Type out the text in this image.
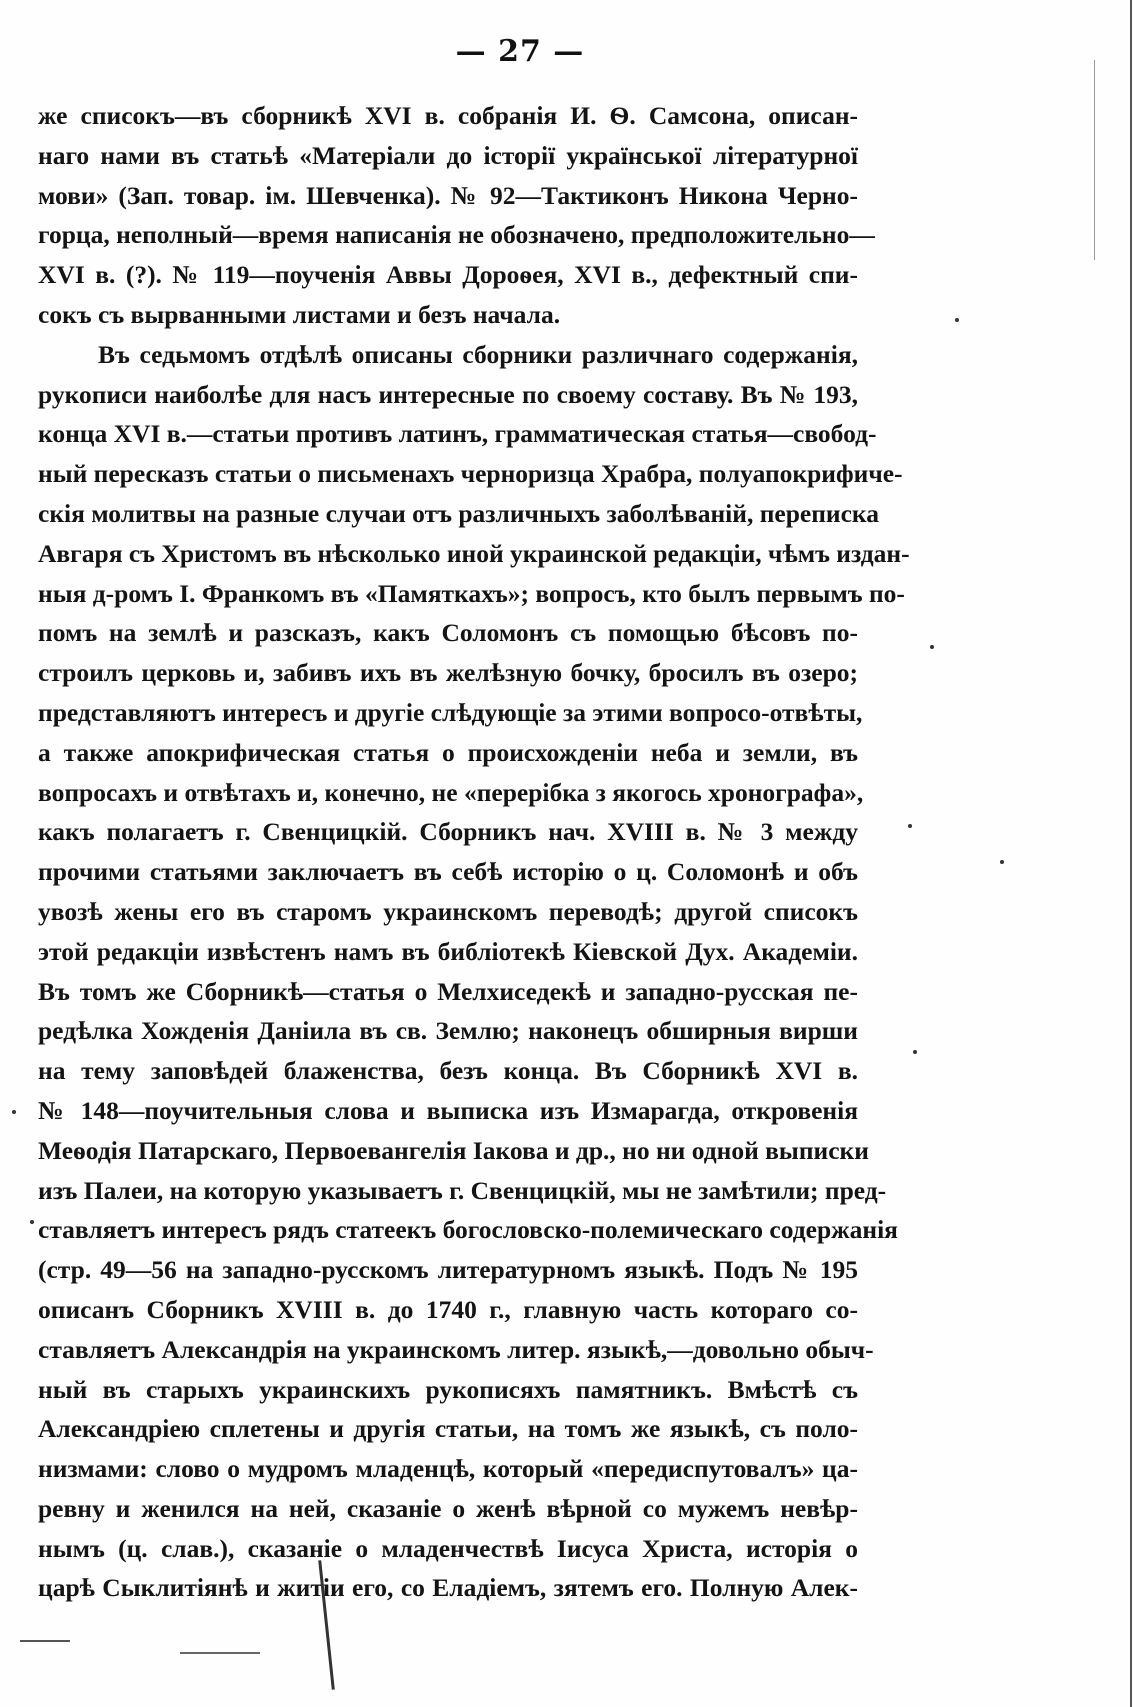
— 27 —
же списокъ—въ сборникѣ XVI в. собранія И. Ѳ. Самсона, описан-
наго нами въ статьѣ «Матеріали до історії української літературної
мови» (Зап. товар. ім. Шевченка). № 92—Тактиконъ Никона Черно-
горца, неполный—время написанія не обозначено, предположительно—
XVI в. (?). № 119—поученія Аввы Дороѳея, XVI в., дефектный спи-
сокъ съ вырванными листами и безъ начала.
Въ седьмомъ отдѣлѣ описаны сборники различнаго содержанія,
рукописи наиболѣе для насъ интересные по своему составу. Въ № 193,
конца XVI в.—статьи противъ латинъ, грамматическая статья—свобод-
ный пересказъ статьи о письменахъ черноризца Храбра, полуапокрифиче-
скія молитвы на разные случаи отъ различныхъ заболѣваній, переписка
Авгаря съ Христомъ въ нѣсколько иной украинской редакціи, чѣмъ издан-
ныя д-ромъ І. Франкомъ въ «Памяткахъ»; вопросъ, кто былъ первымъ по-
помъ на землѣ и разсказъ, какъ Соломонъ съ помощью бѣсовъ по-
строилъ церковь и, забивъ ихъ въ желѣзную бочку, бросилъ въ озеро;
представляютъ интересъ и другіе слѣдующіе за этими вопросо-отвѣты,
а также апокрифическая статья о происхожденіи неба и земли, въ
вопросахъ и отвѣтахъ и, конечно, не «перерібка з якогось хронографа»,
какъ полагаетъ г. Свенцицкій. Сборникъ нач. XVIII в. № 3 между
прочими статьями заключаетъ въ себѣ исторію о ц. Соломонѣ и объ
увозѣ жены его въ старомъ украинскомъ переводѣ; другой списокъ
этой редакціи извѣстенъ намъ въ библіотекѣ Кіевской Дух. Академіи.
Въ томъ же Сборникѣ—статья о Мелхиседекѣ и западно-русская пе-
редѣлка Хожденія Даніила въ св. Землю; наконецъ обширныя вирши
на тему заповѣдей блаженства, безъ конца. Въ Сборникѣ XVI в.
№ 148—поучительныя слова и выписка изъ Измарагда, откровенія
Меѳодія Патарскаго, Первоевангелія Іакова и др., но ни одной выписки
изъ Палеи, на которую указываетъ г. Свенцицкій, мы не замѣтили; пред-
ставляетъ интересъ рядъ статеекъ богословско-полемическаго содержанія
(стр. 49—56 на западно-русскомъ литературномъ языкѣ. Подъ № 195
описанъ Сборникъ XVIII в. до 1740 г., главную часть котораго со-
ставляетъ Александрія на украинскомъ литер. языкѣ,—довольно обыч-
ный въ старыхъ украинскихъ рукописяхъ памятникъ. Вмѣстѣ съ
Александріею сплетены и другія статьи, на томъ же языкѣ, съ поло-
низмами: слово о мудромъ младенцѣ, который «передиспутовалъ» ца-
ревну и женился на ней, сказаніе о женѣ вѣрной со мужемъ невѣр-
нымъ (ц. слав.), сказаніе о младенчествѣ Іисуса Христа, исторія о
царѣ Сыклитіянѣ и житіи его, со Еладіемъ, зятемъ его. Полную Алек-
